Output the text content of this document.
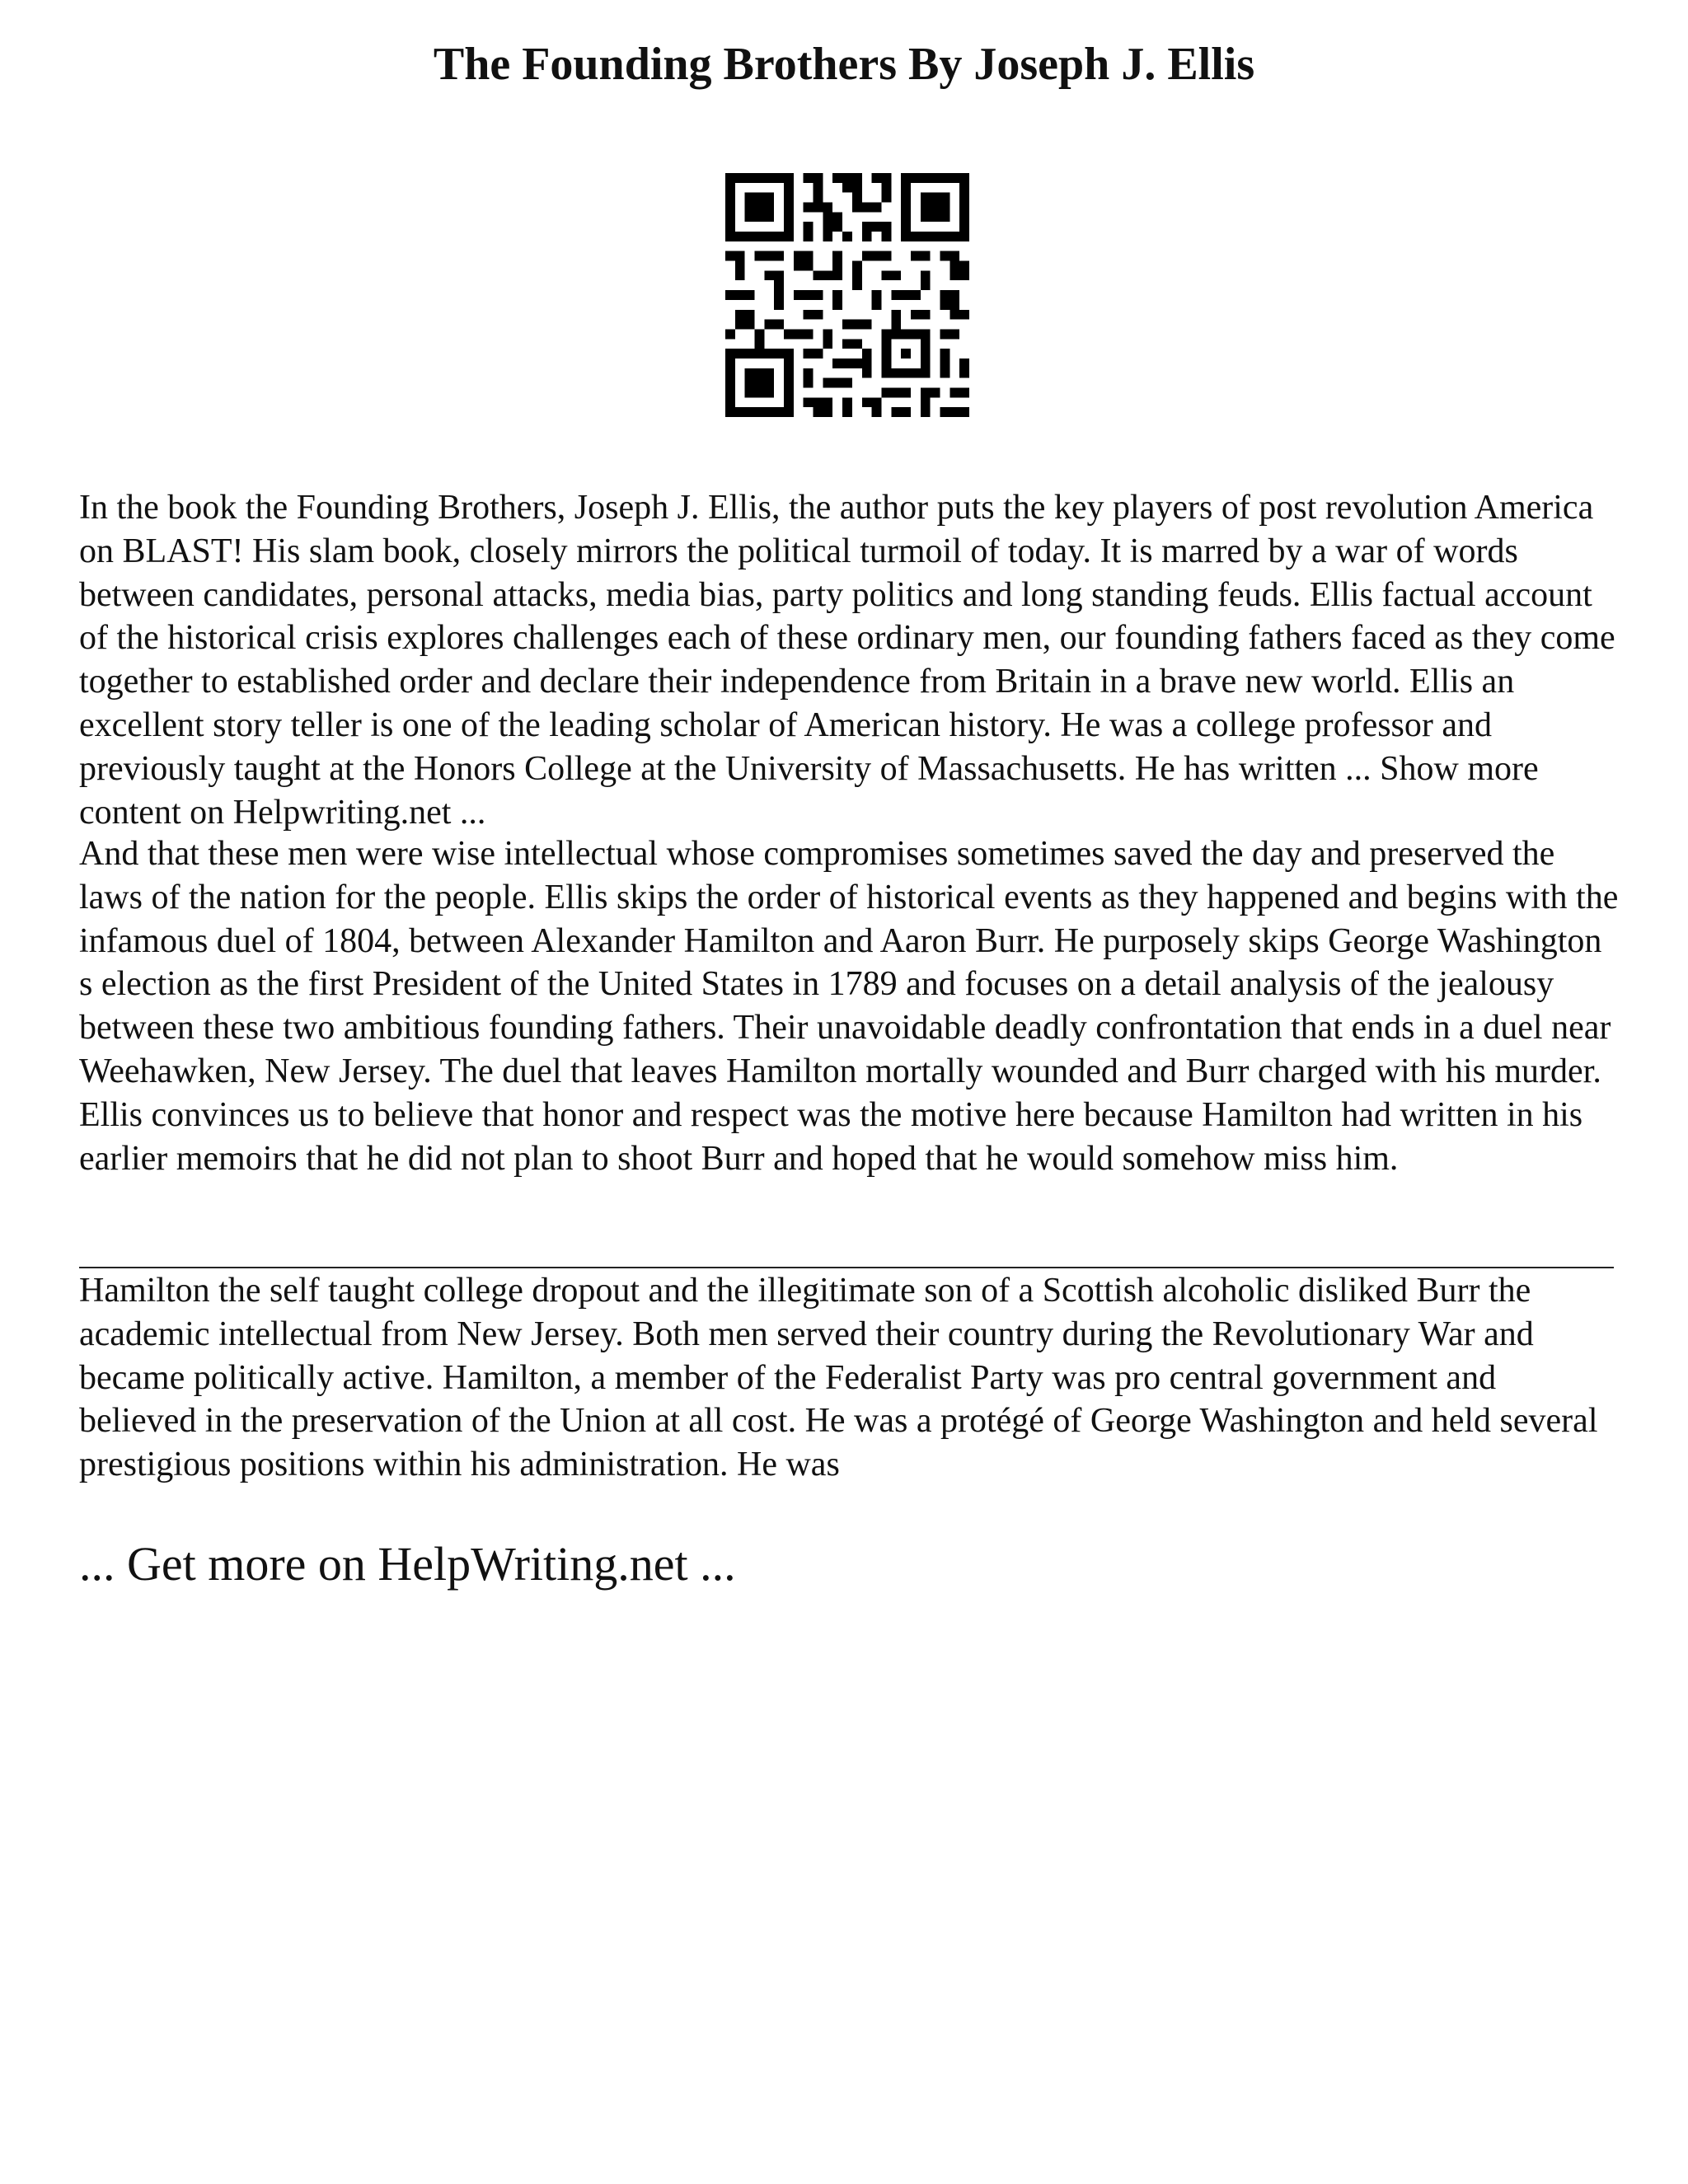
The Founding Brothers By Joseph J. Ellis

In the book the Founding Brothers, Joseph J. Ellis, the author puts the key players of post revolution America on BLAST! His slam book, closely mirrors the political turmoil of today. It is marred by a war of words between candidates, personal attacks, media bias, party politics and long standing feuds. Ellis factual account of the historical crisis explores challenges each of these ordinary men, our founding fathers faced as they come together to established order and declare their independence from Britain in a brave new world. Ellis an excellent story teller is one of the leading scholar of American history. He was a college professor and previously taught at the Honors College at the University of Massachusetts. He has written ... Show more content on Helpwriting.net ...

And that these men were wise intellectual whose compromises sometimes saved the day and preserved the laws of the nation for the people. Ellis skips the order of historical events as they happened and begins with the infamous duel of 1804, between Alexander Hamilton and Aaron Burr. He purposely skips George Washington s election as the first President of the United States in 1789 and focuses on a detail analysis of the jealousy between these two ambitious founding fathers. Their unavoidable deadly confrontation that ends in a duel near Weehawken, New Jersey. The duel that leaves Hamilton mortally wounded and Burr charged with his murder. Ellis convinces us to believe that honor and respect was the motive here because Hamilton had written in his earlier memoirs that he did not plan to shoot Burr and hoped that he would somehow miss him.

Hamilton the self taught college dropout and the illegitimate son of a Scottish alcoholic disliked Burr the academic intellectual from New Jersey. Both men served their country during the Revolutionary War and became politically active. Hamilton, a member of the Federalist Party was pro central government and believed in the preservation of the Union at all cost. He was a protégé of George Washington and held several prestigious positions within his administration. He was

... Get more on HelpWriting.net ...
